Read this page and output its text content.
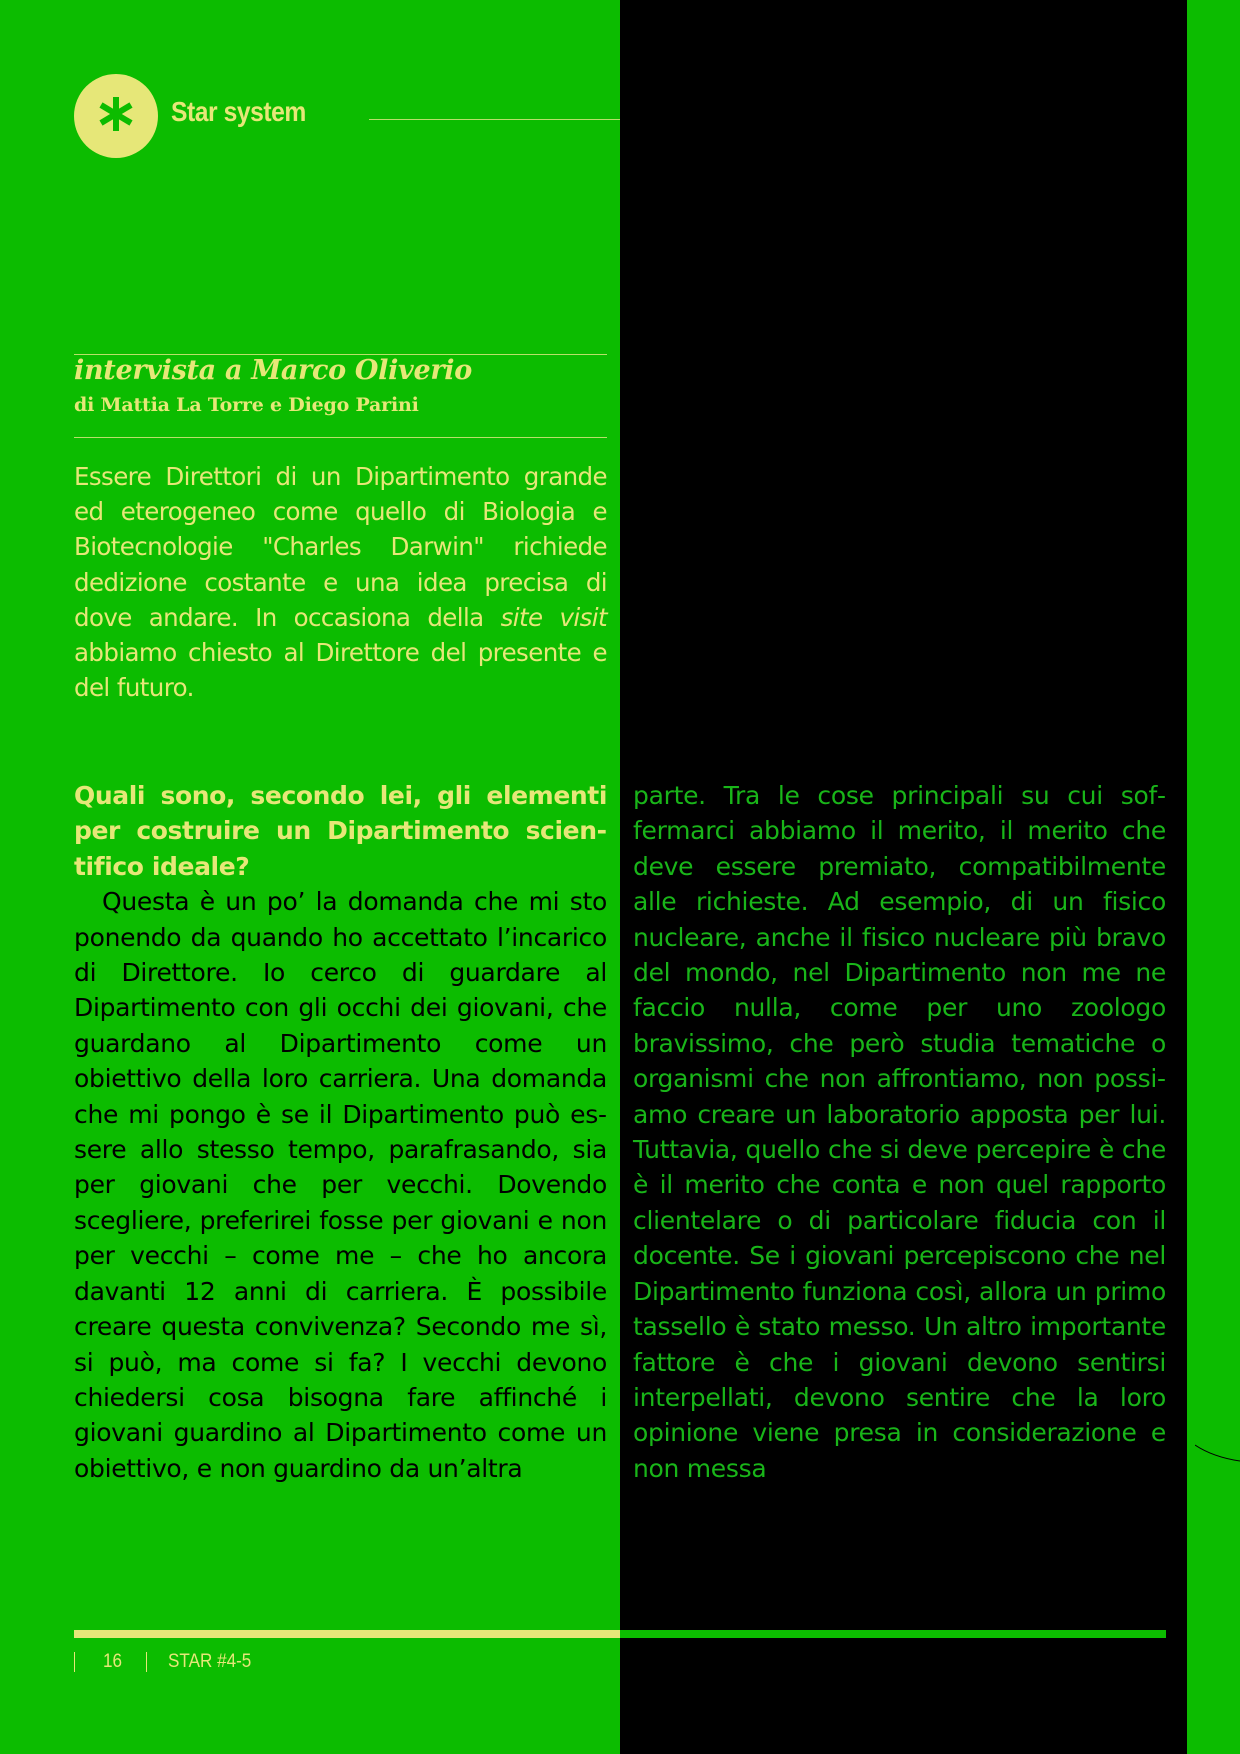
Star system
intervista a Marco Oliverio
di Mattia La Torre e Diego Parini

Essere Direttori di un Dipartimento grande ed eterogeneo come quello di Biologia e Biotecnologie "Charles Darwin" richiede dedizione costante e una idea precisa di dove andare. In occasiona della site visit abbiamo chiesto al Direttore del presente e del futuro.

Quali sono, secondo lei, gli elementi per costruire un Dipartimento scientifico ideale?
Questa è un po’ la domanda che mi sto ponendo da quando ho accettato l’incarico di Direttore. Io cerco di guardare al Dipartimento con gli occhi dei giovani, che guardano al Dipartimento come un obiettivo della loro carriera. Una domanda che mi pongo è se il Dipartimento può essere allo stesso tempo, parafrasando, sia per giovani che per vecchi. Dovendo scegliere, preferirei fosse per giovani e non per vecchi – come me – che ho ancora davanti 12 anni di carriera. È possibile creare questa convivenza? Secondo me sì, si può, ma come si fa? I vecchi devono chiedersi cosa bisogna fare affinché i giovani guardino al Dipartimento come un obiettivo, e non guardino da un’altra

parte. Tra le cose principali su cui soffermarci abbiamo il merito, il merito che deve essere premiato, compatibilmente alle richieste. Ad esempio, di un fisico nucleare, anche il fisico nucleare più bravo del mondo, nel Dipartimento non me ne faccio nulla, come per uno zoologo bravissimo, che però studia tematiche o organismi che non affrontiamo, non possiamo creare un laboratorio apposta per lui. Tuttavia, quello che si deve percepire è che è il merito che conta e non quel rapporto clientelare o di particolare fiducia con il docente. Se i giovani percepiscono che nel Dipartimento funziona così, allora un primo tassello è stato messo. Un altro importante fattore è che i giovani devono sentirsi interpellati, devono sentire che la loro opinione viene presa in considerazione e non messa

16 STAR #4-5
